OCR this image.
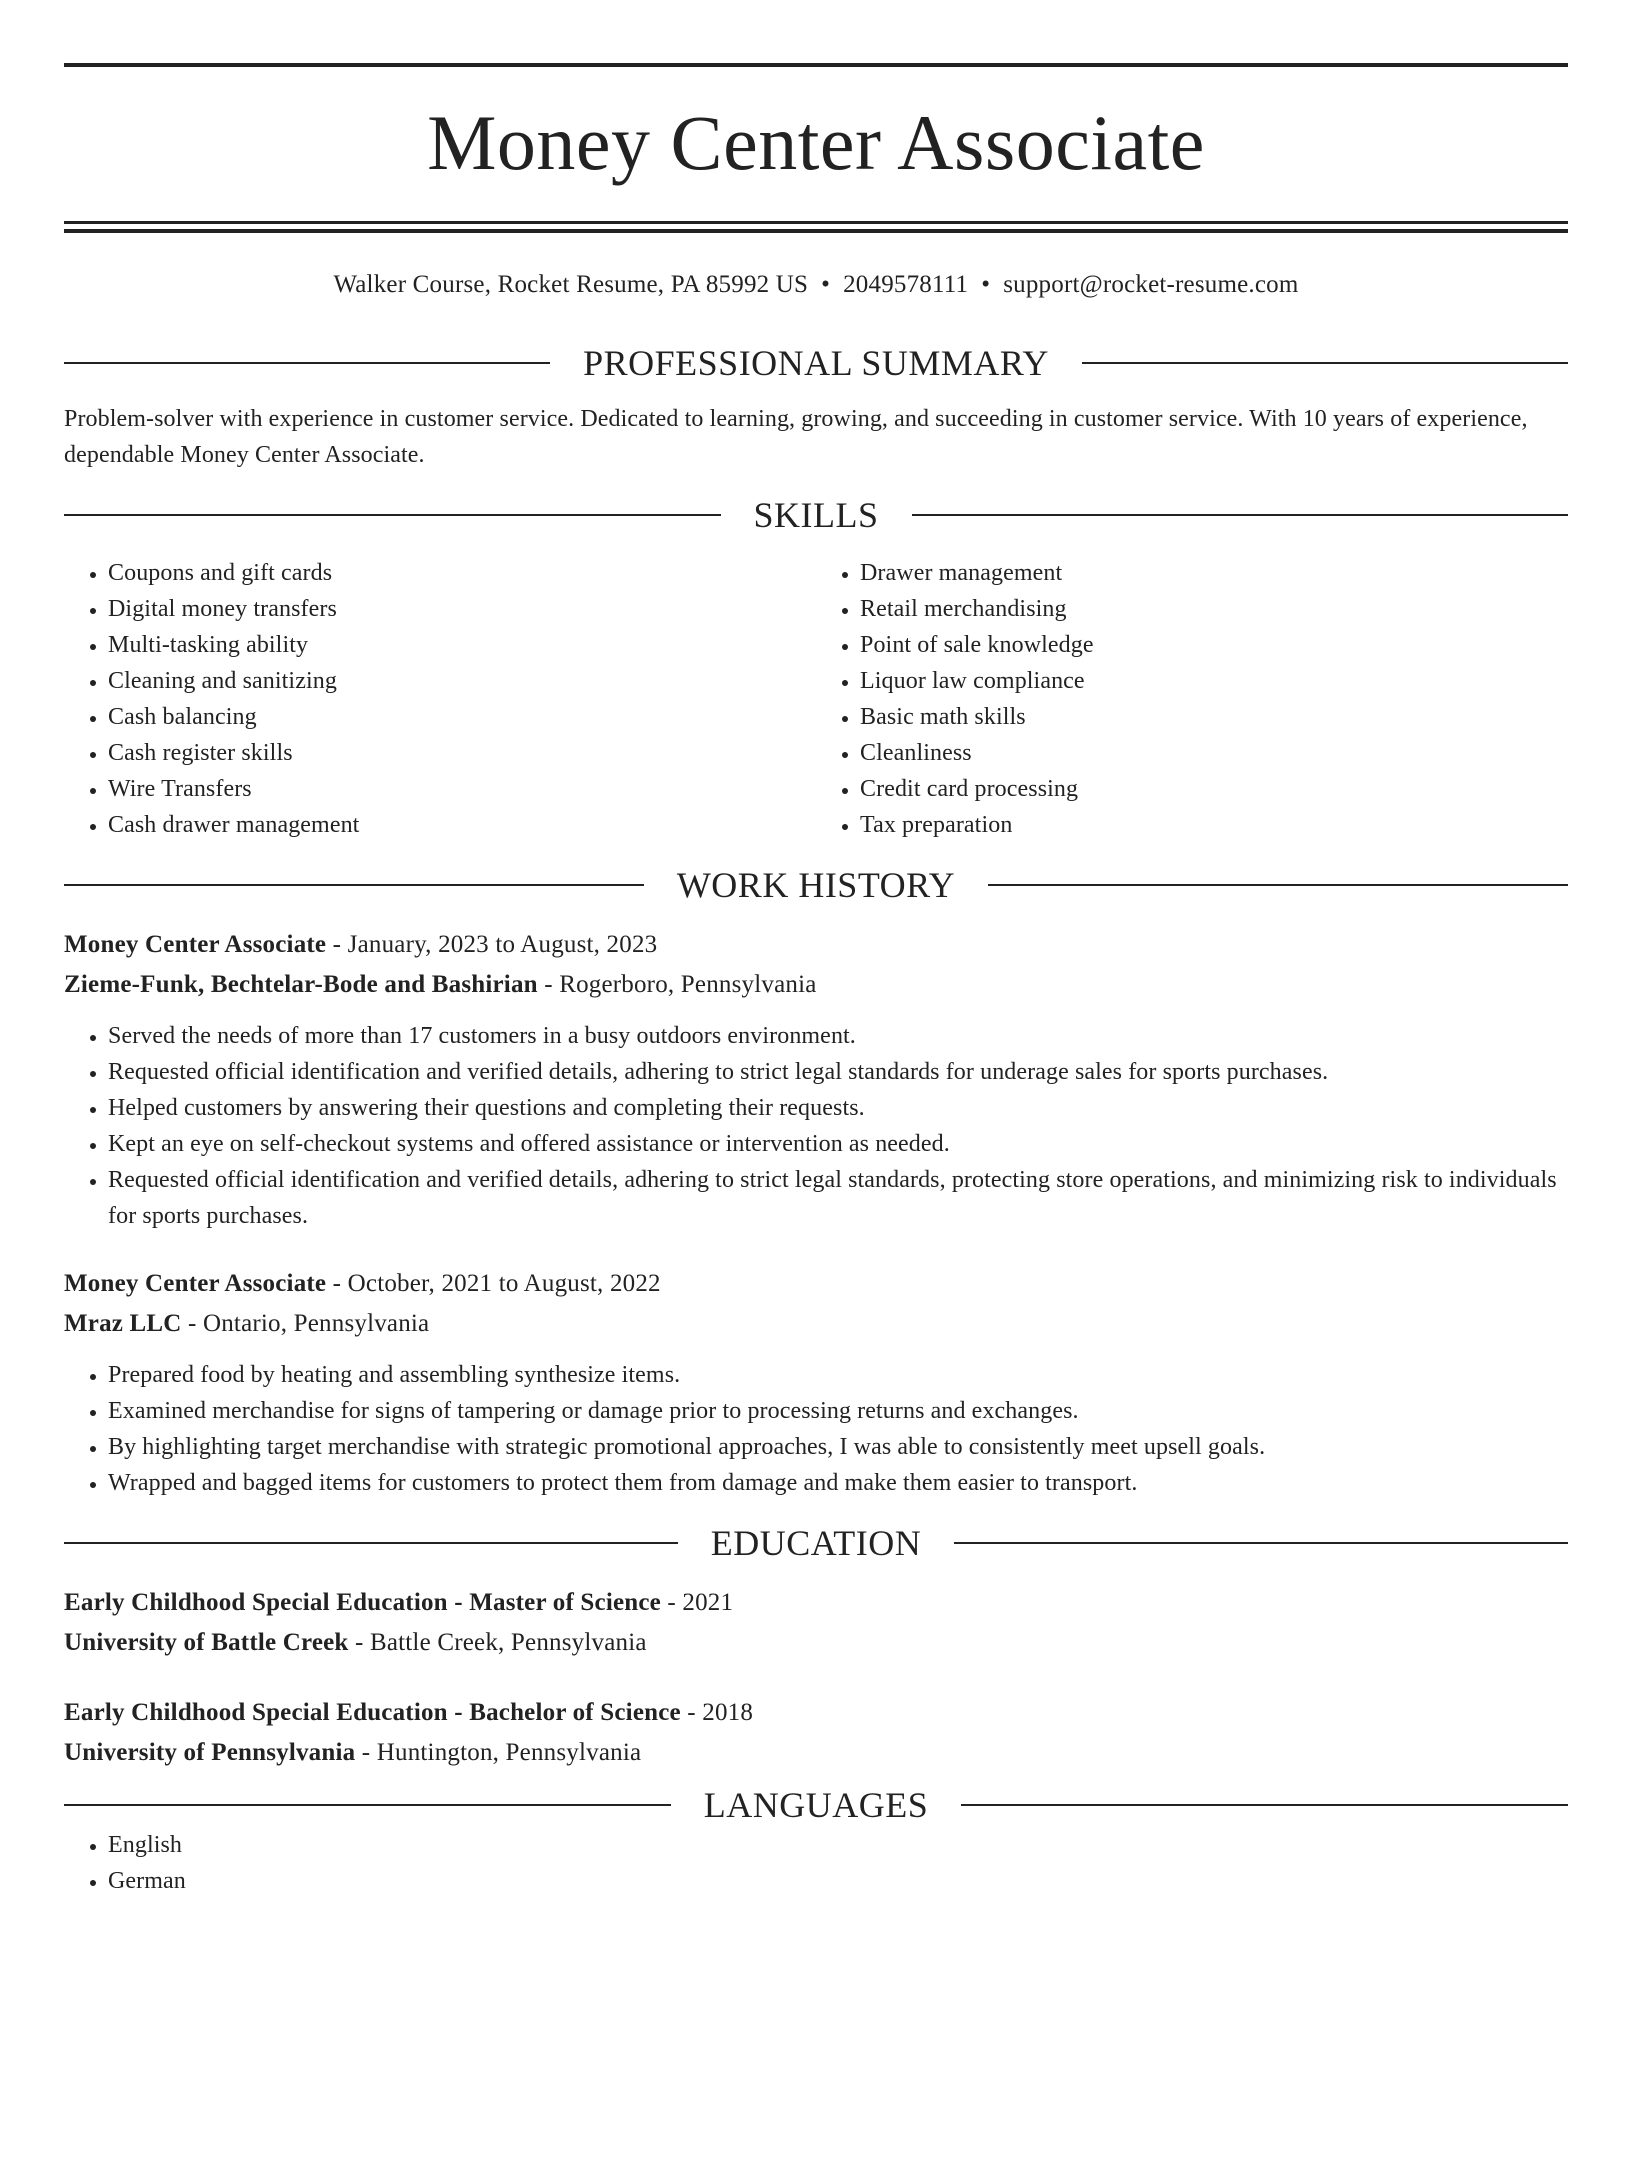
Money Center Associate
Walker Course, Rocket Resume, PA 85992 US • 2049578111 • support@rocket-resume.com
PROFESSIONAL SUMMARY
Problem-solver with experience in customer service. Dedicated to learning, growing, and succeeding in customer service. With 10 years of experience, dependable Money Center Associate.
SKILLS
• Coupons and gift cards
• Digital money transfers
• Multi-tasking ability
• Cleaning and sanitizing
• Cash balancing
• Cash register skills
• Wire Transfers
• Cash drawer management
• Drawer management
• Retail merchandising
• Point of sale knowledge
• Liquor law compliance
• Basic math skills
• Cleanliness
• Credit card processing
• Tax preparation
WORK HISTORY
Money Center Associate - January, 2023 to August, 2023
Zieme-Funk, Bechtelar-Bode and Bashirian - Rogerboro, Pennsylvania
• Served the needs of more than 17 customers in a busy outdoors environment.
• Requested official identification and verified details, adhering to strict legal standards for underage sales for sports purchases.
• Helped customers by answering their questions and completing their requests.
• Kept an eye on self-checkout systems and offered assistance or intervention as needed.
• Requested official identification and verified details, adhering to strict legal standards, protecting store operations, and minimizing risk to individuals for sports purchases.
Money Center Associate - October, 2021 to August, 2022
Mraz LLC - Ontario, Pennsylvania
• Prepared food by heating and assembling synthesize items.
• Examined merchandise for signs of tampering or damage prior to processing returns and exchanges.
• By highlighting target merchandise with strategic promotional approaches, I was able to consistently meet upsell goals.
• Wrapped and bagged items for customers to protect them from damage and make them easier to transport.
EDUCATION
Early Childhood Special Education - Master of Science - 2021
University of Battle Creek - Battle Creek, Pennsylvania
Early Childhood Special Education - Bachelor of Science - 2018
University of Pennsylvania - Huntington, Pennsylvania
LANGUAGES
• English
• German
